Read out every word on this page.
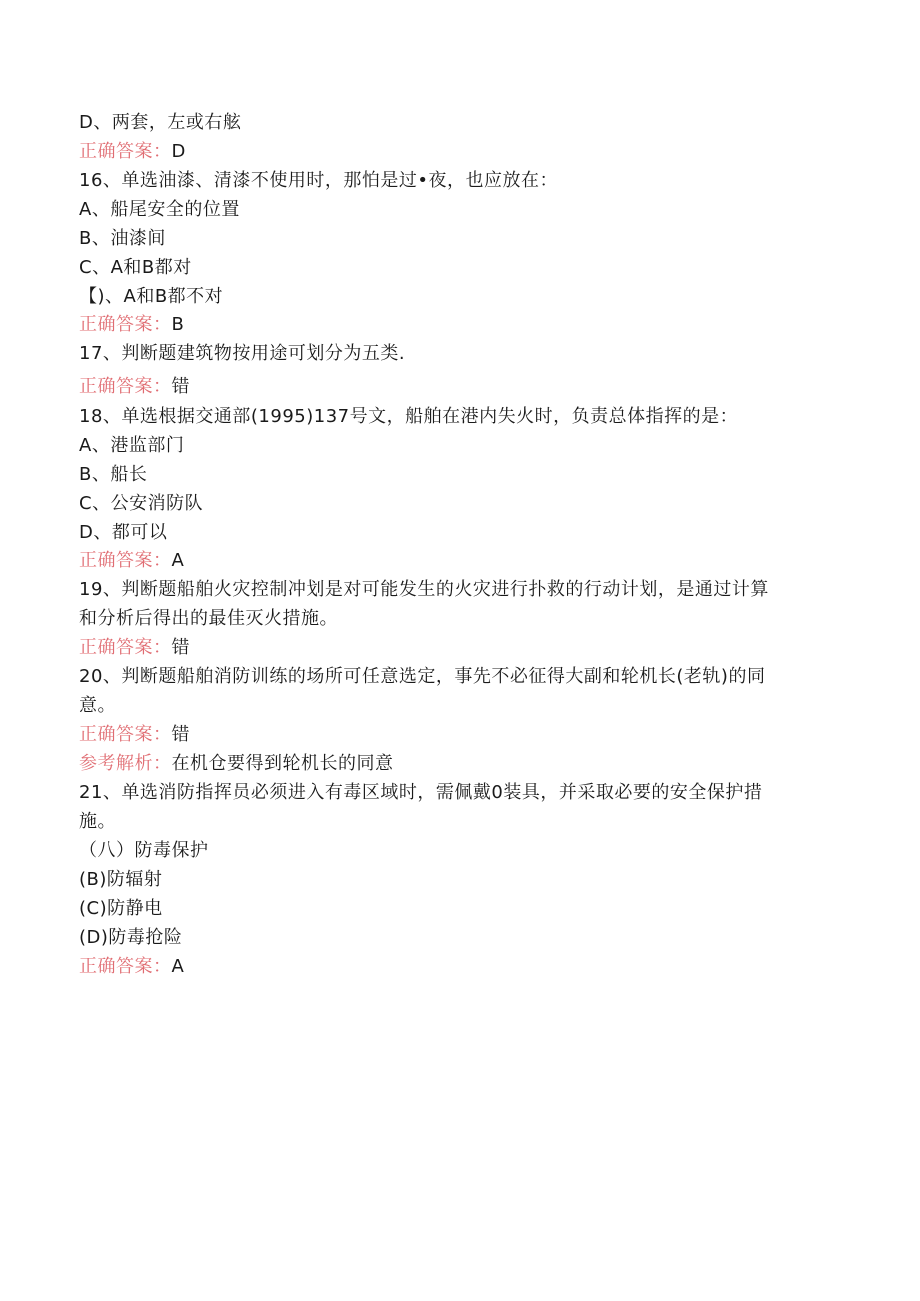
D、两套，左或右舷
正确答案：D
16、单选油漆、清漆不使用时，那怕是过•夜，也应放在：
A、船尾安全的位置
B、油漆间
C、A和B都对
【)、A和B都不对
正确答案：B
17、判断题建筑物按用途可划分为五类.
正确答案：错
18、单选根据交通部(1995)137号文，船舶在港内失火时，负责总体指挥的是：
A、港监部门
B、船长
C、公安消防队
D、都可以
正确答案：A
19、判断题船舶火灾控制冲划是对可能发生的火灾进行扑救的行动计划，是通过计算
和分析后得出的最佳灭火措施。
正确答案：错
20、判断题船舶消防训练的场所可任意选定，事先不必征得大副和轮机长(老轨)的同
意。
正确答案：错
参考解析：在机仓要得到轮机长的同意
21、单选消防指挥员必须进入有毒区域时，需佩戴0装具，并采取必要的安全保护措
施。
（八）防毒保护
(B)防辐射
(C)防静电
(D)防毒抢险
正确答案：A
